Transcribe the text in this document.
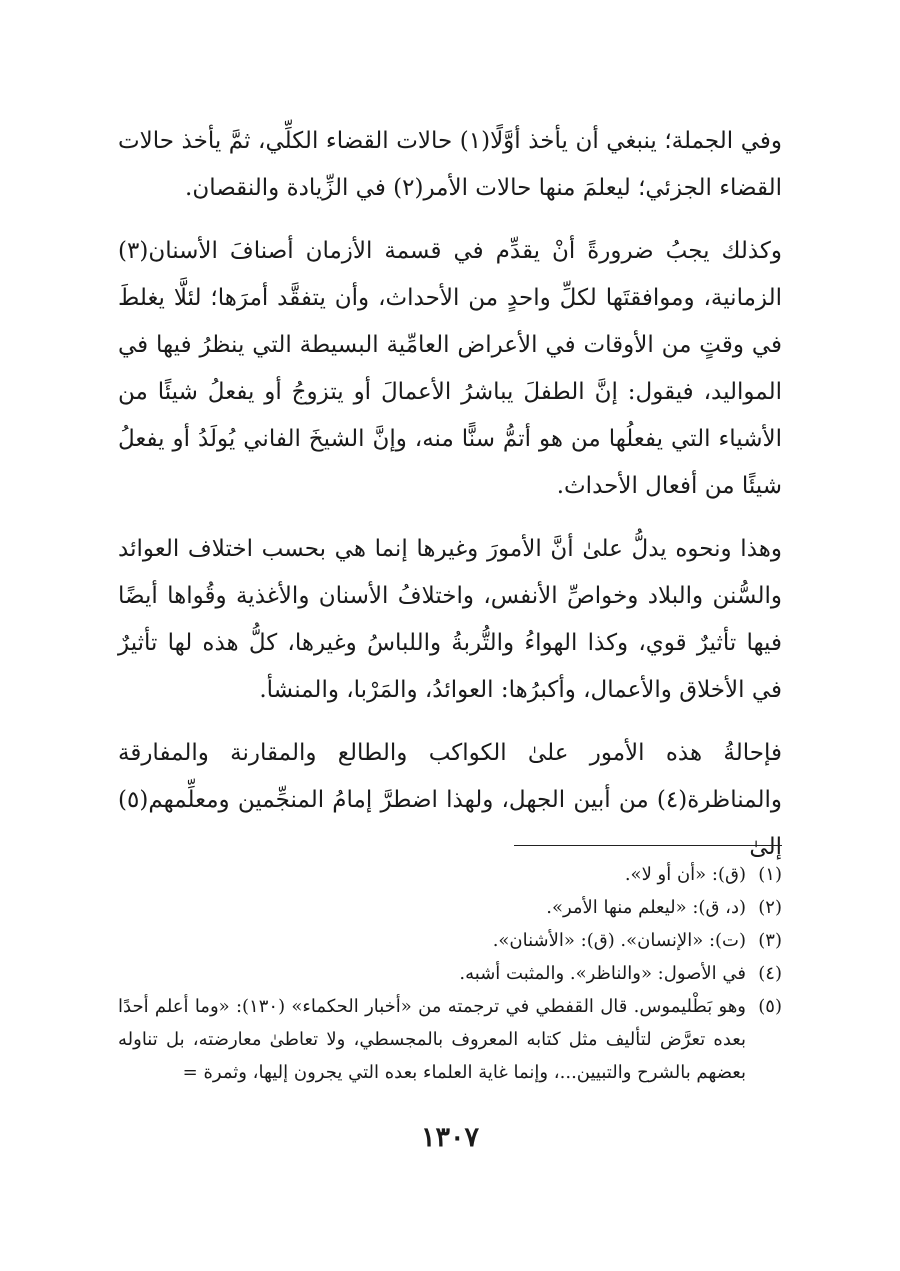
وفي الجملة؛ ينبغي أن يأخذ أوَّلًا(١) حالات القضاء الكلِّي، ثمَّ يأخذ حالات القضاء الجزئي؛ ليعلمَ منها حالات الأمر(٢) في الزِّيادة والنقصان.

وكذلك يجبُ ضرورةً أنْ يقدِّم في قسمة الأزمان أصنافَ الأسنان(٣) الزمانية، وموافقتَها لكلِّ واحدٍ من الأحداث، وأن يتفقَّد أمرَها؛ لئلَّا يغلطَ في وقتٍ من الأوقات في الأعراض العامِّية البسيطة التي ينظرُ فيها في المواليد، فيقول: إنَّ الطفلَ يباشرُ الأعمالَ أو يتزوجُ أو يفعلُ شيئًا من الأشياء التي يفعلُها من هو أتمُّ سنًّا منه، وإنَّ الشيخَ الفاني يُولَدُ أو يفعلُ شيئًا من أفعال الأحداث.

وهذا ونحوه يدلُّ علىٰ أنَّ الأمورَ وغيرها إنما هي بحسب اختلاف العوائد والسُّنن والبلاد وخواصِّ الأنفس، واختلافُ الأسنان والأغذية وقُواها أيضًا فيها تأثيرٌ قوي، وكذا الهواءُ والتُّربةُ واللباسُ وغيرها، كلُّ هذه لها تأثيرٌ في الأخلاق والأعمال، وأكبرُها: العوائدُ، والمَرْبا، والمنشأ.

فإحالةُ هذه الأمور علىٰ الكواكب والطالع والمقارنة والمفارقة والمناظرة(٤) من أبين الجهل، ولهذا اضطرَّ إمامُ المنجِّمين ومعلِّمهم(٥) إلىٰ

(١)
(ق): «أن أو لا».
(٢)
(د، ق): «ليعلم منها الأمر».
(٣)
(ت): «الإنسان». (ق): «الأشنان».
(٤)
في الأصول: «والناظر». والمثبت أشبه.
(٥)
وهو بَطْليموس. قال القفطي في ترجمته من «أخبار الحكماء» (١٣٠): «وما أعلم أحدًا بعده تعرَّض لتأليف مثل كتابه المعروف بالمجسطي، ولا تعاطىٰ معارضته، بل تناوله بعضهم بالشرح والتبيين...، وإنما غاية العلماء بعده التي يجرون إليها، وثمرة =
١٣٠٧
